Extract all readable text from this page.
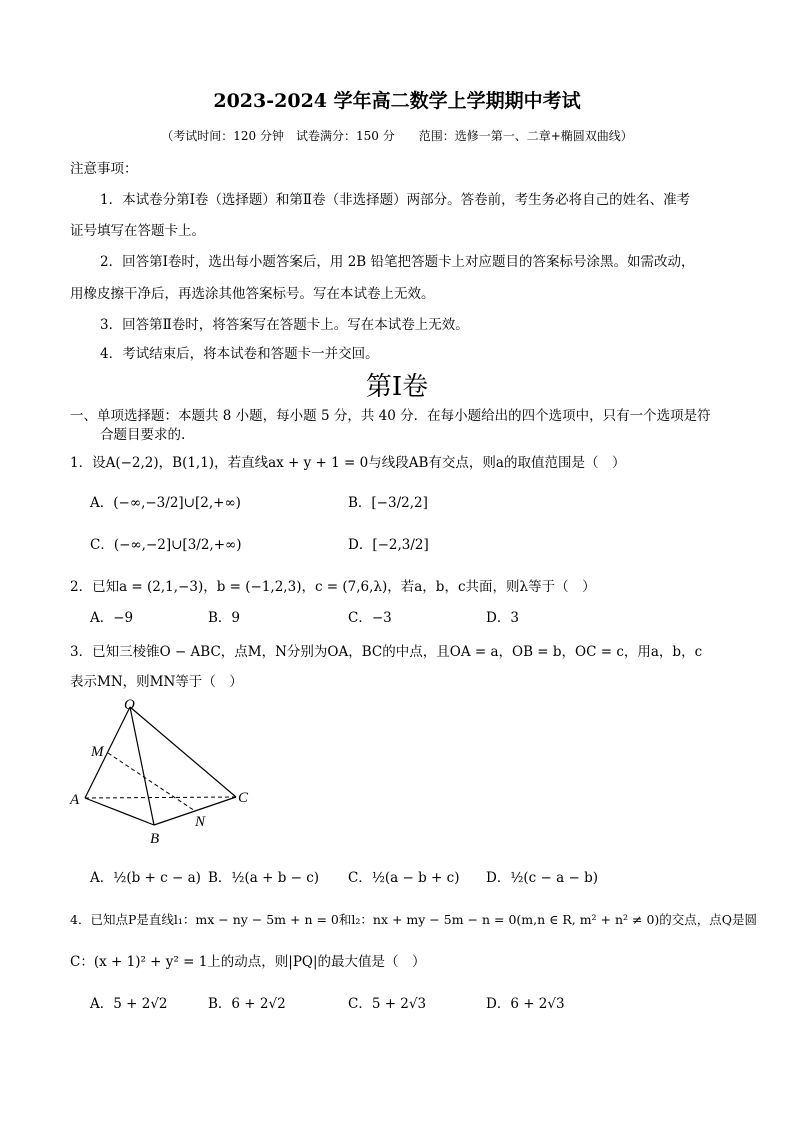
2023-2024 学年高二数学上学期期中考试
（考试时间：120 分钟　试卷满分：150 分　　范围：选修一第一、二章+椭圆双曲线）
注意事项：
1．本试卷分第Ⅰ卷（选择题）和第Ⅱ卷（非选择题）两部分。答卷前，考生务必将自己的姓名、准考
证号填写在答题卡上。
2．回答第Ⅰ卷时，选出每小题答案后，用 2B 铅笔把答题卡上对应题目的答案标号涂黑。如需改动，
用橡皮擦干净后，再选涂其他答案标号。写在本试卷上无效。
3．回答第Ⅱ卷时，将答案写在答题卡上。写在本试卷上无效。
4．考试结束后，将本试卷和答题卡一并交回。
第Ⅰ卷
一、单项选择题：本题共 8 小题，每小题 5 分，共 40 分．在每小题给出的四个选项中，只有一个选项是符
合题目要求的.
1．设A(−2,2)，B(1,1)，若直线ax + y + 1 = 0与线段AB有交点，则a的取值范围是（　）
A．(−∞,−3/2]∪[2,+∞)	B．[−3/2,2]
C．(−∞,−2]∪[3/2,+∞)	D．[−2,3/2]
2．已知a = (2,1,−3)，b = (−1,2,3)，c = (7,6,λ)，若a，b，c共面，则λ等于（　）
A．−9	B．9	C．−3	D．3
3．已知三棱锥O − ABC，点M，N分别为OA，BC的中点，且OA = a，OB = b，OC = c，用a，b，c
表示MN，则MN等于（　）
O
M
A
B
C
N
A．½(b + c − a) B．½(a + b − c) C．½(a − b + c) D．½(c − a − b)
4．已知点P是直线l₁：mx − ny − 5m + n = 0和l₂：nx + my − 5m − n = 0(m,n ∈ R, m² + n² ≠ 0)的交点，点Q是圆
C：(x + 1)² + y² = 1上的动点，则|PQ|的最大值是（　）
A．5 + 2√2	B．6 + 2√2	C．5 + 2√3	D．6 + 2√3
